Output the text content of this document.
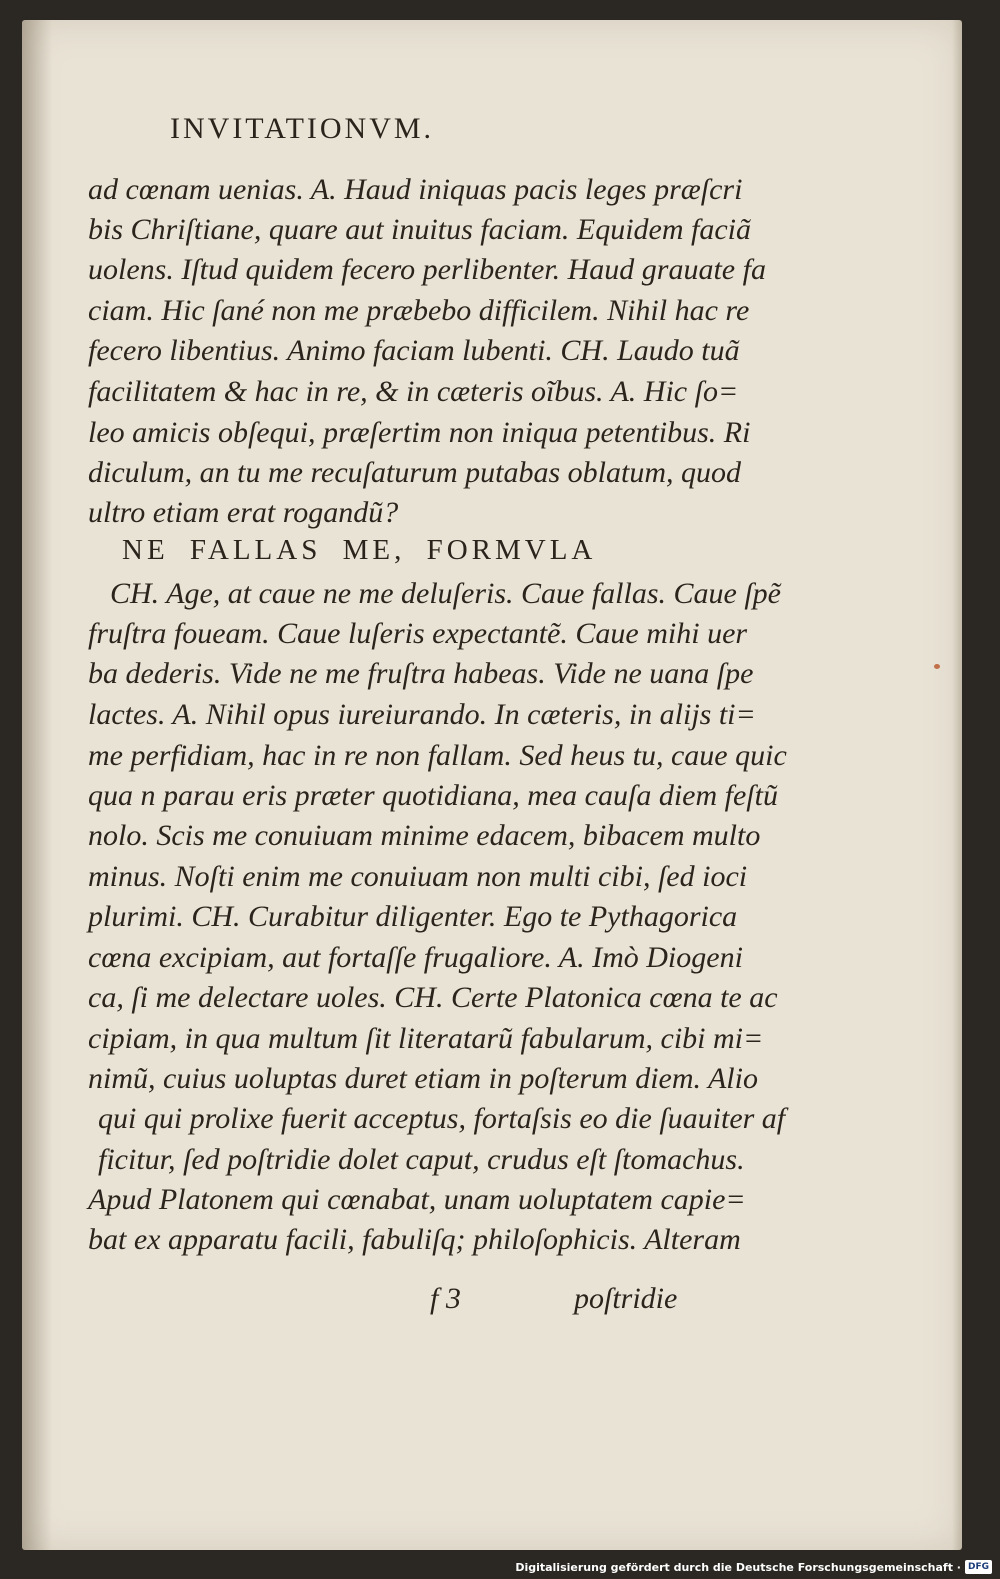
INVITATIONVM.
ad cœnam uenias. A. Haud iniquas pacis leges præſcri
bis Chriſtiane, quare aut inuitus faciam. Equidem faciã
uolens. Iſtud quidem fecero perlibenter. Haud grauate fa
ciam. Hic ſané non me præbebo difficilem. Nihil hac re
fecero libentius. Animo faciam lubenti. CH. Laudo tuã
facilitatem & hac in re, & in cæteris oĩbus. A. Hic ſo=
leo amicis obſequi, præſertim non iniqua petentibus. Ri
diculum, an tu me recuſaturum putabas oblatum, quod
ultro etiam erat rogandũ?
NE FALLAS ME, FORMVLA
CH. Age, at caue ne me deluſeris. Caue fallas. Caue ſpẽ
fruſtra foueam. Caue luſeris expectantẽ. Caue mihi uer
ba dederis. Vide ne me fruſtra habeas. Vide ne uana ſpe
lactes. A. Nihil opus iureiurando. In cæteris, in alijs ti=
me perfidiam, hac in re non fallam. Sed heus tu, caue quic
qua n parau eris præter quotidiana, mea cauſa diem feſtũ
nolo. Scis me conuiuam minime edacem, bibacem multo
minus. Noſti enim me conuiuam non multi cibi, ſed ioci
plurimi. CH. Curabitur diligenter. Ego te Pythagorica
cœna excipiam, aut fortaſſe frugaliore. A. Imò Diogeni
ca, ſi me delectare uoles. CH. Certe Platonica cœna te ac
cipiam, in qua multum ſit literatarũ fabularum, cibi mi=
nimũ, cuius uoluptas duret etiam in poſterum diem. Alio
qui qui prolixe fuerit acceptus, fortaſsis eo die ſuauiter af
ficitur, ſed poſtridie dolet caput, crudus eſt ſtomachus.
Apud Platonem qui cœnabat, unam uoluptatem capie=
bat ex apparatu facili, fabuliſq; philoſophicis. Alteram
f 3	poſtridie
Digitalisierung gefördert durch die Deutsche Forschungsgemeinschaft · DFG
